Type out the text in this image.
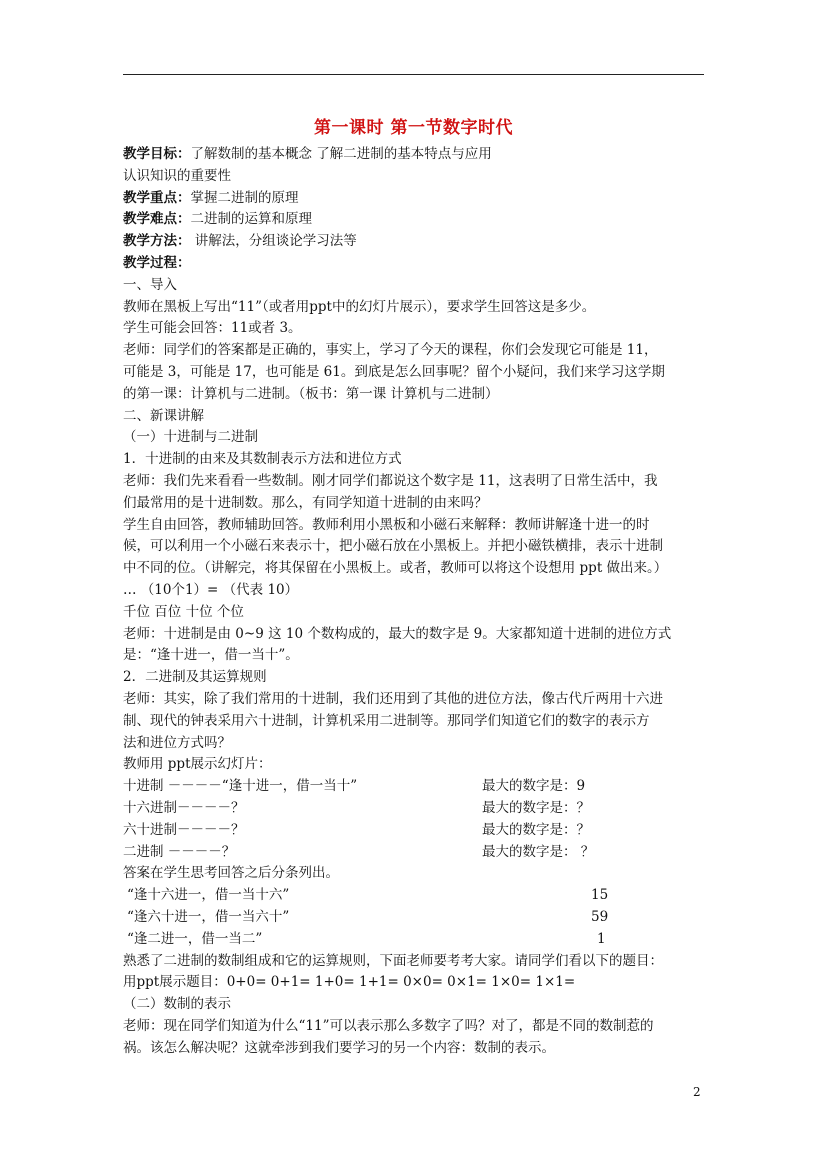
第一课时 第一节数字时代
教学目标：了解数制的基本概念 了解二进制的基本特点与应用
认识知识的重要性
教学重点：掌握二进制的原理
教学难点：二进制的运算和原理
教学方法： 讲解法，分组谈论学习法等
教学过程：
一、导入
教师在黑板上写出“11”（或者用ppt中的幻灯片展示），要求学生回答这是多少。
学生可能会回答：11或者 3。
老师：同学们的答案都是正确的，事实上，学习了今天的课程，你们会发现它可能是 11，
可能是 3，可能是 17，也可能是 61。到底是怎么回事呢？留个小疑问，我们来学习这学期
的第一课：计算机与二进制。（板书：第一课 计算机与二进制）
二、新课讲解
（一）十进制与二进制
1．十进制的由来及其数制表示方法和进位方式
老师：我们先来看看一些数制。刚才同学们都说这个数字是 11，这表明了日常生活中，我
们最常用的是十进制数。那么，有同学知道十进制的由来吗？
学生自由回答，教师辅助回答。教师利用小黑板和小磁石来解释：教师讲解逢十进一的时
候，可以利用一个小磁石来表示十，把小磁石放在小黑板上。并把小磁铁横排，表示十进制
中不同的位。（讲解完，将其保留在小黑板上。或者，教师可以将这个设想用 ppt 做出来。）
… （10个1）= （代表 10）
千位 百位 十位 个位
老师：十进制是由 0~9 这 10 个数构成的，最大的数字是 9。大家都知道十进制的进位方式
是：“逢十进一，借一当十”。
2．二进制及其运算规则
老师：其实，除了我们常用的十进制，我们还用到了其他的进位方法，像古代斤两用十六进
制、现代的钟表采用六十进制，计算机采用二进制等。那同学们知道它们的数字的表示方
法和进位方式吗？
教师用 ppt展示幻灯片：
十进制 －－－－“逢十进一，借一当十”	最大的数字是：9
十六进制－－－－？	最大的数字是：？
六十进制－－－－？	最大的数字是：？
二进制 －－－－？	最大的数字是： ？
答案在学生思考回答之后分条列出。
“逢十六进一，借一当十六”	15
“逢六十进一，借一当六十”	59
“逢二进一，借一当二”	1
熟悉了二进制的数制组成和它的运算规则，下面老师要考考大家。请同学们看以下的题目：
用ppt展示题目：0+0= 0+1= 1+0= 1+1= 0×0= 0×1= 1×0= 1×1=
（二）数制的表示
老师：现在同学们知道为什么“11”可以表示那么多数字了吗？对了，都是不同的数制惹的
祸。该怎么解决呢？这就牵涉到我们要学习的另一个内容：数制的表示。
2
